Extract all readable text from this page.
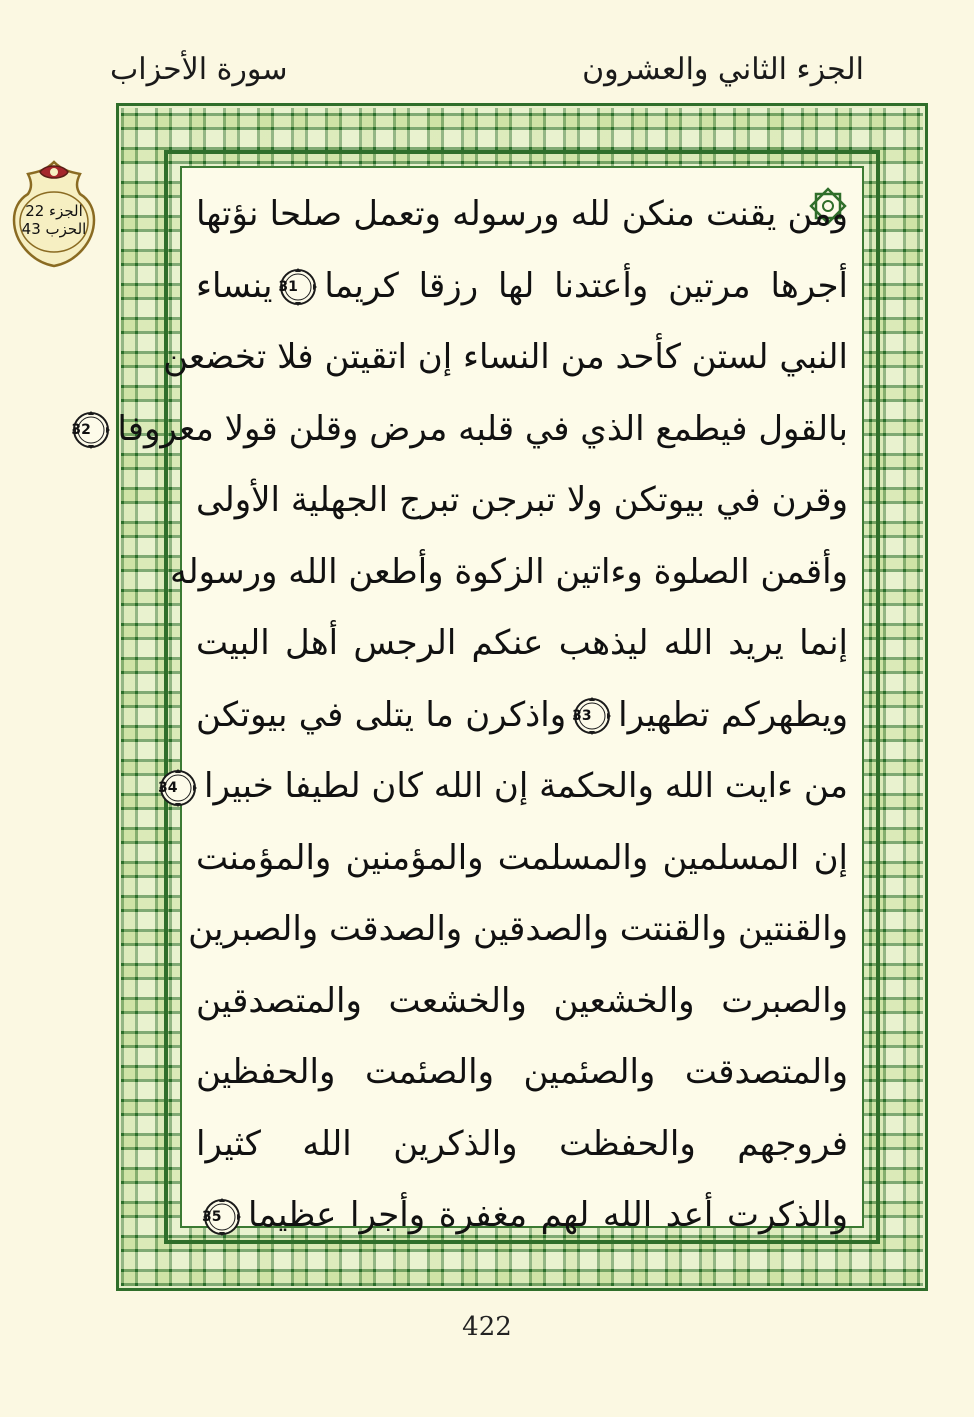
سورة الأحزاب	الجزء الثاني والعشرون
الجزء 22
الحزب 43	ومن يقنت منكن لله ورسوله وتعمل صلحا نؤتها
أجرها مرتين وأعتدنا لها رزقا كريما
31
ينساء
النبي لستن كأحد من النساء إن اتقيتن فلا تخضعن
بالقول فيطمع الذي في قلبه مرض وقلن قولا معروفا
32
وقرن في بيوتكن ولا تبرجن تبرج الجهلية الأولى
وأقمن الصلوة وءاتين الزكوة وأطعن الله ورسوله
إنما يريد الله ليذهب عنكم الرجس أهل البيت
ويطهركم تطهيرا
33
واذكرن ما يتلى في بيوتكن
من ءايت الله والحكمة إن الله كان لطيفا خبيرا
34
إن المسلمين والمسلمت والمؤمنين والمؤمنت
والقنتين والقنتت والصدقين والصدقت والصبرين
والصبرت والخشعين والخشعت والمتصدقين
والمتصدقت والصئمين والصئمت والحفظين
فروجهم والحفظت والذكرين الله كثيرا
والذكرت أعد الله لهم مغفرة وأجرا عظيما
35
422
